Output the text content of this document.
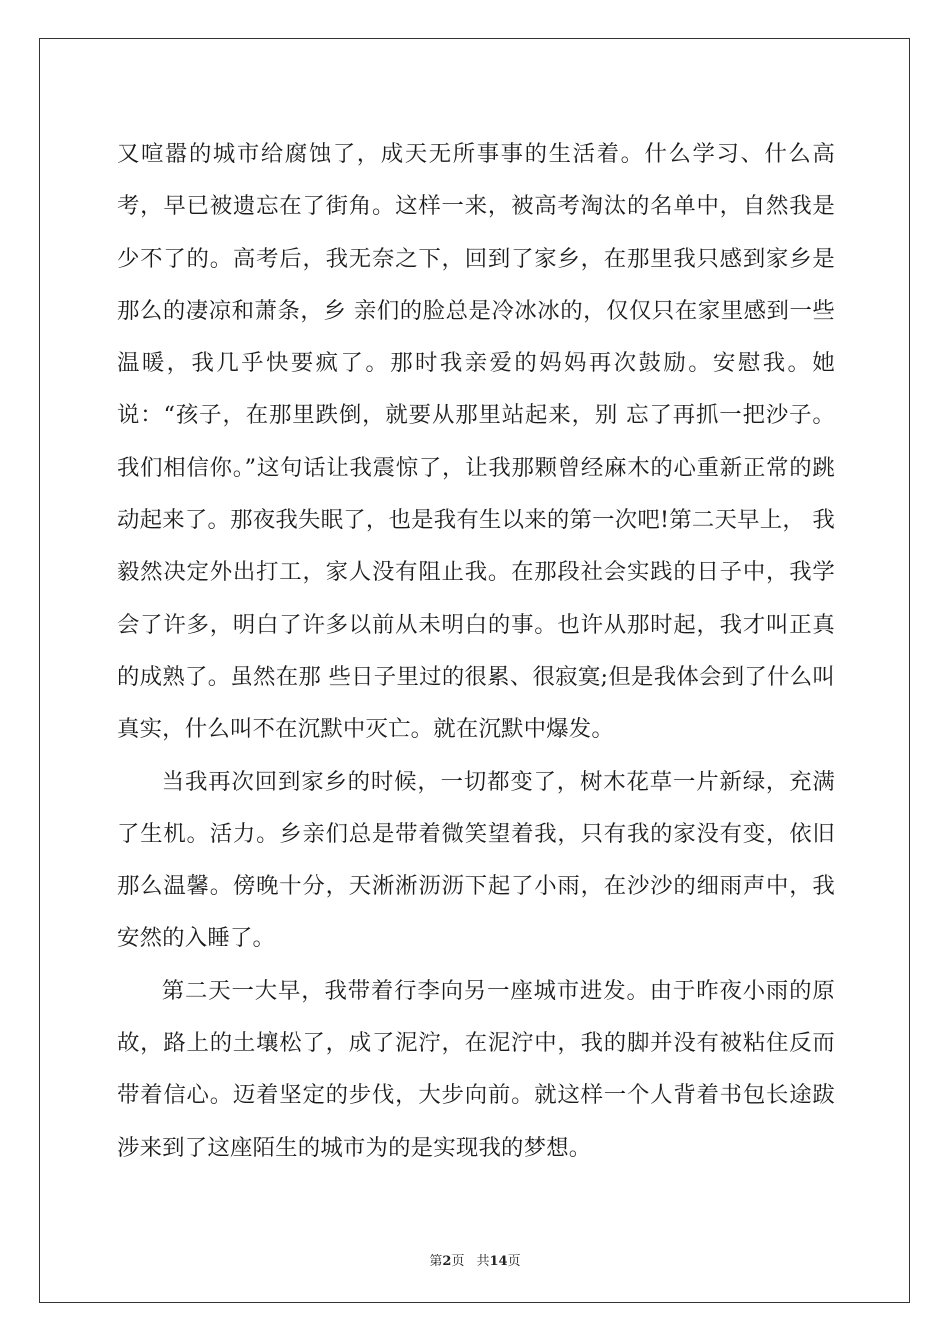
又喧嚣的城市给腐蚀了，成天无所事事的生活着。什么学习、什么高考，早已被遗忘在了街角。这样一来，被高考淘汰的名单中，自然我是少不了的。高考后，我无奈之下，回到了家乡，在那里我只感到家乡是那么的凄凉和萧条，乡 亲们的脸总是冷冰冰的，仅仅只在家里感到一些温暖，我几乎快要疯了。那时我亲爱的妈妈再次鼓励。安慰我。她说：“孩子，在那里跌倒，就要从那里站起来，别 忘了再抓一把沙子。我们相信你。”这句话让我震惊了，让我那颗曾经麻木的心重新正常的跳动起来了。那夜我失眠了，也是我有生以来的第一次吧!第二天早上， 我毅然决定外出打工，家人没有阻止我。在那段社会实践的日子中，我学会了许多，明白了许多以前从未明白的事。也许从那时起，我才叫正真的成熟了。虽然在那 些日子里过的很累、很寂寞;但是我体会到了什么叫真实，什么叫不在沉默中灭亡。就在沉默中爆发。

当我再次回到家乡的时候，一切都变了，树木花草一片新绿，充满了生机。活力。乡亲们总是带着微笑望着我，只有我的家没有变，依旧那么温馨。傍晚十分，天淅淅沥沥下起了小雨，在沙沙的细雨声中，我安然的入睡了。

第二天一大早，我带着行李向另一座城市进发。由于昨夜小雨的原故，路上的土壤松了，成了泥泞，在泥泞中，我的脚并没有被粘住反而带着信心。迈着坚定的步伐，大步向前。就这样一个人背着书包长途跋涉来到了这座陌生的城市为的是实现我的梦想。

第2页 共14页
